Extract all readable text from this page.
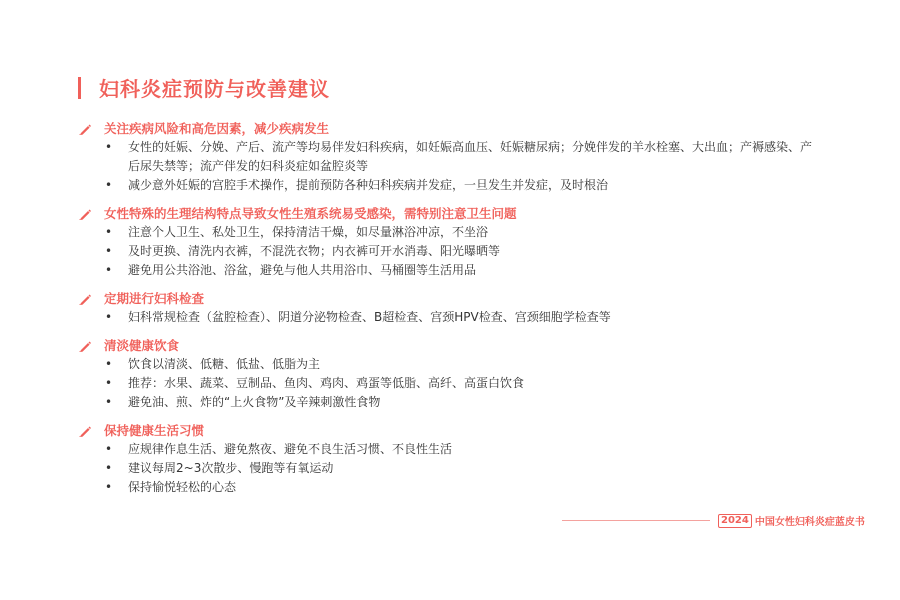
妇科炎症预防与改善建议
关注疾病风险和高危因素，减少疾病发生
• 女性的妊娠、分娩、产后、流产等均易伴发妇科疾病，如妊娠高血压、妊娠糖尿病；分娩伴发的羊水栓塞、大出血；产褥感染、产后尿失禁等；流产伴发的妇科炎症如盆腔炎等
• 减少意外妊娠的宫腔手术操作，提前预防各种妇科疾病并发症，一旦发生并发症，及时根治
女性特殊的生理结构特点导致女性生殖系统易受感染，需特别注意卫生问题
• 注意个人卫生、私处卫生，保持清洁干燥，如尽量淋浴冲凉，不坐浴
• 及时更换、清洗内衣裤，不混洗衣物；内衣裤可开水消毒、阳光曝晒等
• 避免用公共浴池、浴盆，避免与他人共用浴巾、马桶圈等生活用品
定期进行妇科检查
• 妇科常规检查（盆腔检查）、阴道分泌物检查、B超检查、宫颈HPV检查、宫颈细胞学检查等
清淡健康饮食
• 饮食以清淡、低糖、低盐、低脂为主
• 推荐：水果、蔬菜、豆制品、鱼肉、鸡肉、鸡蛋等低脂、高纤、高蛋白饮食
• 避免油、煎、炸的“上火食物”及辛辣刺激性食物
保持健康生活习惯
• 应规律作息生活、避免熬夜、避免不良生活习惯、不良性生活
• 建议每周2~3次散步、慢跑等有氧运动
• 保持愉悦轻松的心态
2024 中国女性妇科炎症蓝皮书
